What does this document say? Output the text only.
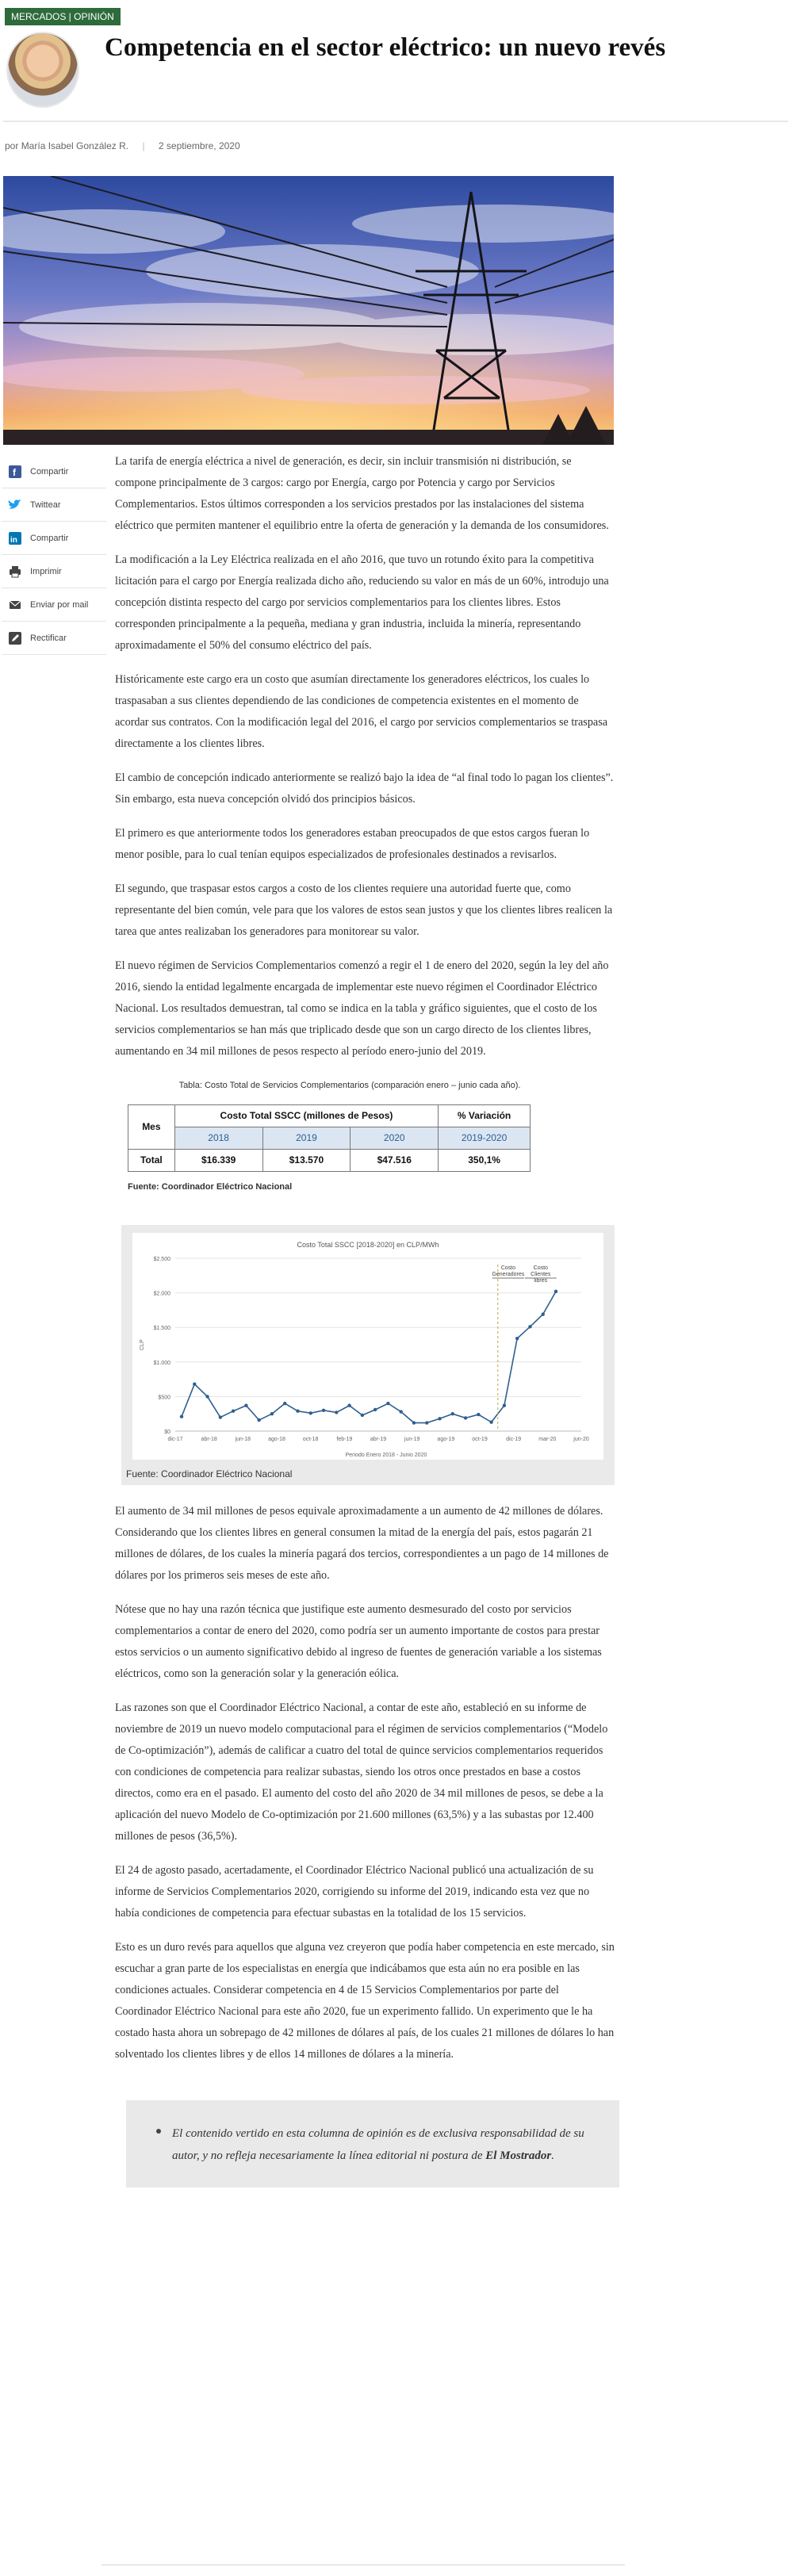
MERCADOS | OPINIÓN
Competencia en el sector eléctrico: un nuevo revés
por María Isabel González R. | 2 septiembre, 2020
f Compartir
Twittear
in Compartir
Imprimir
Enviar por mail
Rectificar

La tarifa de energía eléctrica a nivel de generación, es decir, sin incluir transmisión ni distribución, se compone principalmente de 3 cargos: cargo por Energía, cargo por Potencia y cargo por Servicios Complementarios. Estos últimos corresponden a los servicios prestados por las instalaciones del sistema eléctrico que permiten mantener el equilibrio entre la oferta de generación y la demanda de los consumidores.

La modificación a la Ley Eléctrica realizada en el año 2016, que tuvo un rotundo éxito para la competitiva licitación para el cargo por Energía realizada dicho año, reduciendo su valor en más de un 60%, introdujo una concepción distinta respecto del cargo por servicios complementarios para los clientes libres. Estos corresponden principalmente a la pequeña, mediana y gran industria, incluida la minería, representando aproximadamente el 50% del consumo eléctrico del país.

Históricamente este cargo era un costo que asumían directamente los generadores eléctricos, los cuales lo traspasaban a sus clientes dependiendo de las condiciones de competencia existentes en el momento de acordar sus contratos. Con la modificación legal del 2016, el cargo por servicios complementarios se traspasa directamente a los clientes libres.

El cambio de concepción indicado anteriormente se realizó bajo la idea de “al final todo lo pagan los clientes”. Sin embargo, esta nueva concepción olvidó dos principios básicos.

El primero es que anteriormente todos los generadores estaban preocupados de que estos cargos fueran lo menor posible, para lo cual tenían equipos especializados de profesionales destinados a revisarlos.

El segundo, que traspasar estos cargos a costo de los clientes requiere una autoridad fuerte que, como representante del bien común, vele para que los valores de estos sean justos y que los clientes libres realicen la tarea que antes realizaban los generadores para monitorear su valor.

El nuevo régimen de Servicios Complementarios comenzó a regir el 1 de enero del 2020, según la ley del año 2016, siendo la entidad legalmente encargada de implementar este nuevo régimen el Coordinador Eléctrico Nacional. Los resultados demuestran, tal como se indica en la tabla y gráfico siguientes, que el costo de los servicios complementarios se han más que triplicado desde que son un cargo directo de los clientes libres, aumentando en 34 mil millones de pesos respecto al período enero-junio del 2019.

Tabla: Costo Total de Servicios Complementarios (comparación enero – junio cada año).
Mes	Costo Total SSCC (millones de Pesos)			% Variación
	2018	2019	2020	2019-2020
Total	$16.339	$13.570	$47.516	350,1%
Fuente: Coordinador Eléctrico Nacional
Costo Total SSCC [2018-2020] en CLP/MWh
CLP
Periodo Enero 2018 - Junio 2020
$0
$500
$1.000
$1.500
$2.000
$2.500
dic-17	abr-18	jun-18	ago-18	oct-18	feb-19	abr-19	jun-19	ago-19	oct-19	dic-19	mar-20	jun-20
Costo Generadores
Costo Clientes libres
Fuente: Coordinador Eléctrico Nacional

El aumento de 34 mil millones de pesos equivale aproximadamente a un aumento de 42 millones de dólares. Considerando que los clientes libres en general consumen la mitad de la energía del país, estos pagarán 21 millones de dólares, de los cuales la minería pagará dos tercios, correspondientes a un pago de 14 millones de dólares por los primeros seis meses de este año.

Nótese que no hay una razón técnica que justifique este aumento desmesurado del costo por servicios complementarios a contar de enero del 2020, como podría ser un aumento importante de costos para prestar estos servicios o un aumento significativo debido al ingreso de fuentes de generación variable a los sistemas eléctricos, como son la generación solar y la generación eólica.

Las razones son que el Coordinador Eléctrico Nacional, a contar de este año, estableció en su informe de noviembre de 2019 un nuevo modelo computacional para el régimen de servicios complementarios (“Modelo de Co-optimización”), además de calificar a cuatro del total de quince servicios complementarios requeridos con condiciones de competencia para realizar subastas, siendo los otros once prestados en base a costos directos, como era en el pasado. El aumento del costo del año 2020 de 34 mil millones de pesos, se debe a la aplicación del nuevo Modelo de Co-optimización por 21.600 millones (63,5%) y a las subastas por 12.400 millones de pesos (36,5%).

El 24 de agosto pasado, acertadamente, el Coordinador Eléctrico Nacional publicó una actualización de su informe de Servicios Complementarios 2020, corrigiendo su informe del 2019, indicando esta vez que no había condiciones de competencia para efectuar subastas en la totalidad de los 15 servicios.

Esto es un duro revés para aquellos que alguna vez creyeron que podía haber competencia en este mercado, sin escuchar a gran parte de los especialistas en energía que indicábamos que esta aún no era posible en las condiciones actuales. Considerar competencia en 4 de 15 Servicios Complementarios por parte del Coordinador Eléctrico Nacional para este año 2020, fue un experimento fallido. Un experimento que le ha costado hasta ahora un sobrepago de 42 millones de dólares al país, de los cuales 21 millones de dólares lo han solventado los clientes libres y de ellos 14 millones de dólares a la minería.

El contenido vertido en esta columna de opinión es de exclusiva responsabilidad de su autor, y no refleja necesariamente la línea editorial ni postura de El Mostrador.
